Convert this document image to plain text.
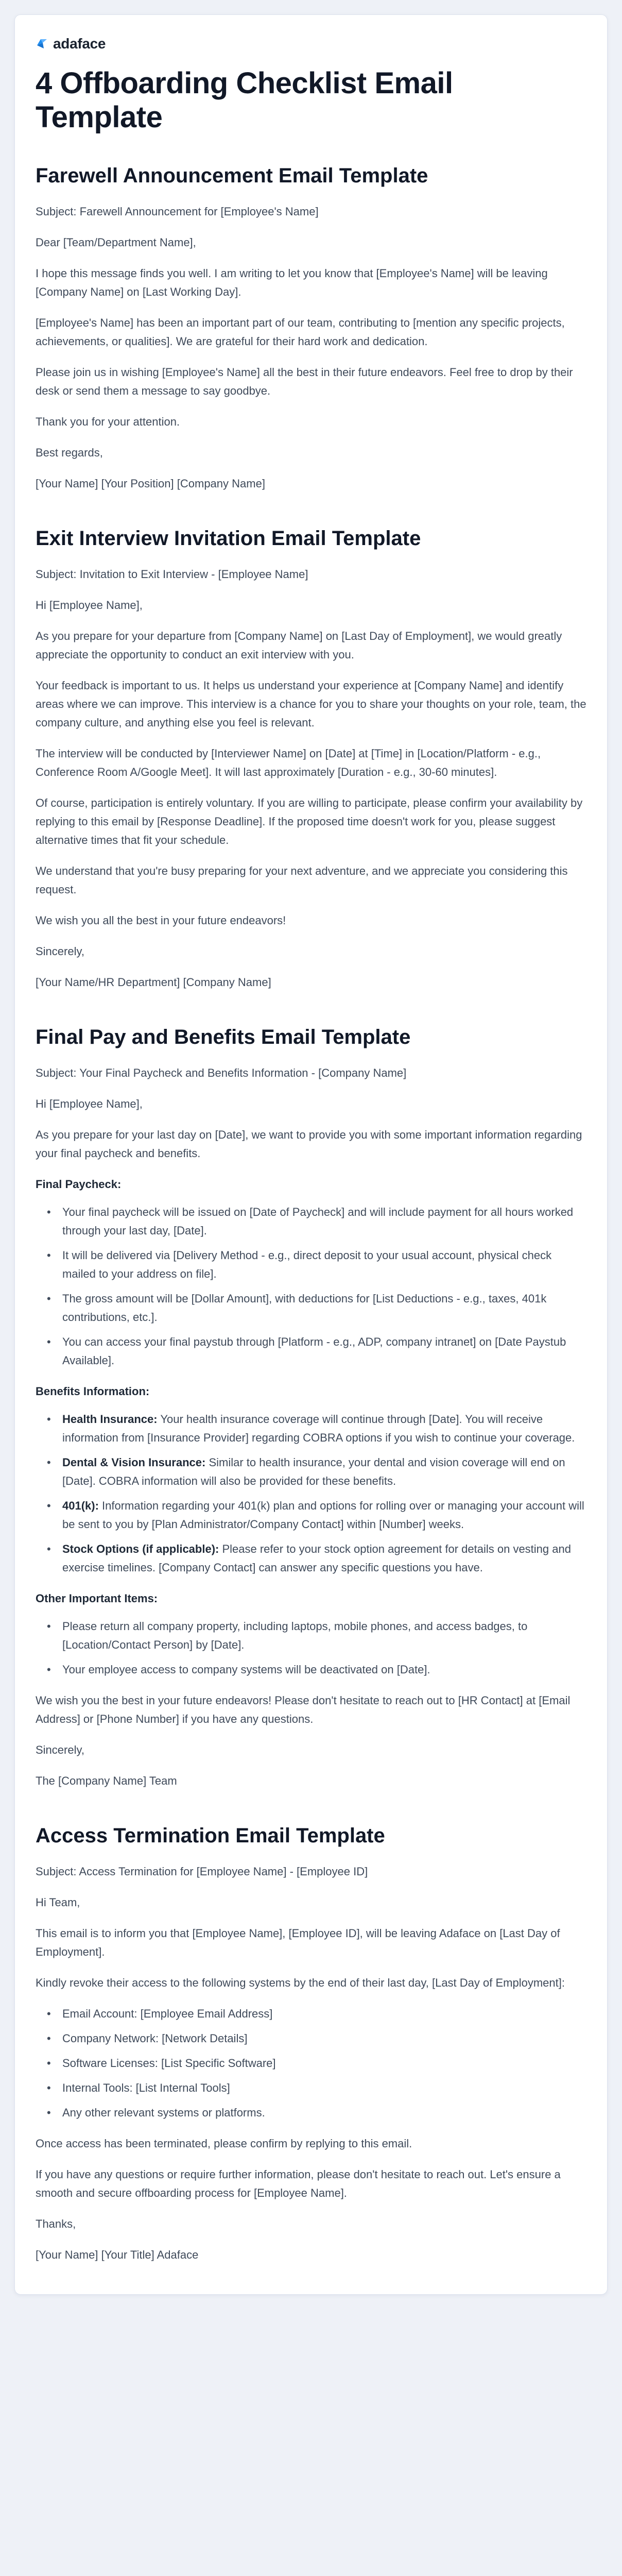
adaface
4 Offboarding Checklist Email Template
Farewell Announcement Email Template

Subject: Farewell Announcement for [Employee's Name]

Dear [Team/Department Name],

I hope this message finds you well. I am writing to let you know that [Employee's Name] will be leaving [Company Name] on [Last Working Day].

[Employee's Name] has been an important part of our team, contributing to [mention any specific projects, achievements, or qualities]. We are grateful for their hard work and dedication.

Please join us in wishing [Employee's Name] all the best in their future endeavors. Feel free to drop by their desk or send them a message to say goodbye.

Thank you for your attention.

Best regards,

[Your Name] [Your Position] [Company Name]

Exit Interview Invitation Email Template

Subject: Invitation to Exit Interview - [Employee Name]

Hi [Employee Name],

As you prepare for your departure from [Company Name] on [Last Day of Employment], we would greatly appreciate the opportunity to conduct an exit interview with you.

Your feedback is important to us. It helps us understand your experience at [Company Name] and identify areas where we can improve. This interview is a chance for you to share your thoughts on your role, team, the company culture, and anything else you feel is relevant.

The interview will be conducted by [Interviewer Name] on [Date] at [Time] in [Location/Platform - e.g., Conference Room A/Google Meet]. It will last approximately [Duration - e.g., 30-60 minutes].

Of course, participation is entirely voluntary. If you are willing to participate, please confirm your availability by replying to this email by [Response Deadline]. If the proposed time doesn't work for you, please suggest alternative times that fit your schedule.

We understand that you're busy preparing for your next adventure, and we appreciate you considering this request.

We wish you all the best in your future endeavors!

Sincerely,

[Your Name/HR Department] [Company Name]

Final Pay and Benefits Email Template

Subject: Your Final Paycheck and Benefits Information - [Company Name]

Hi [Employee Name],

As you prepare for your last day on [Date], we want to provide you with some important information regarding your final paycheck and benefits.

Final Paycheck:

• Your final paycheck will be issued on [Date of Paycheck] and will include payment for all hours worked through your last day, [Date].
• It will be delivered via [Delivery Method - e.g., direct deposit to your usual account, physical check mailed to your address on file].
• The gross amount will be [Dollar Amount], with deductions for [List Deductions - e.g., taxes, 401k contributions, etc.].
• You can access your final paystub through [Platform - e.g., ADP, company intranet] on [Date Paystub Available].

Benefits Information:

• Health Insurance: Your health insurance coverage will continue through [Date]. You will receive information from [Insurance Provider] regarding COBRA options if you wish to continue your coverage.
• Dental & Vision Insurance: Similar to health insurance, your dental and vision coverage will end on [Date]. COBRA information will also be provided for these benefits.
• 401(k): Information regarding your 401(k) plan and options for rolling over or managing your account will be sent to you by [Plan Administrator/Company Contact] within [Number] weeks.
• Stock Options (if applicable): Please refer to your stock option agreement for details on vesting and exercise timelines. [Company Contact] can answer any specific questions you have.

Other Important Items:

• Please return all company property, including laptops, mobile phones, and access badges, to [Location/Contact Person] by [Date].
• Your employee access to company systems will be deactivated on [Date].

We wish you the best in your future endeavors! Please don't hesitate to reach out to [HR Contact] at [Email Address] or [Phone Number] if you have any questions.

Sincerely,

The [Company Name] Team

Access Termination Email Template

Subject: Access Termination for [Employee Name] - [Employee ID]

Hi Team,

This email is to inform you that [Employee Name], [Employee ID], will be leaving Adaface on [Last Day of Employment].

Kindly revoke their access to the following systems by the end of their last day, [Last Day of Employment]:

• Email Account: [Employee Email Address]
• Company Network: [Network Details]
• Software Licenses: [List Specific Software]
• Internal Tools: [List Internal Tools]
• Any other relevant systems or platforms.

Once access has been terminated, please confirm by replying to this email.

If you have any questions or require further information, please don't hesitate to reach out. Let's ensure a smooth and secure offboarding process for [Employee Name].

Thanks,

[Your Name] [Your Title] Adaface
